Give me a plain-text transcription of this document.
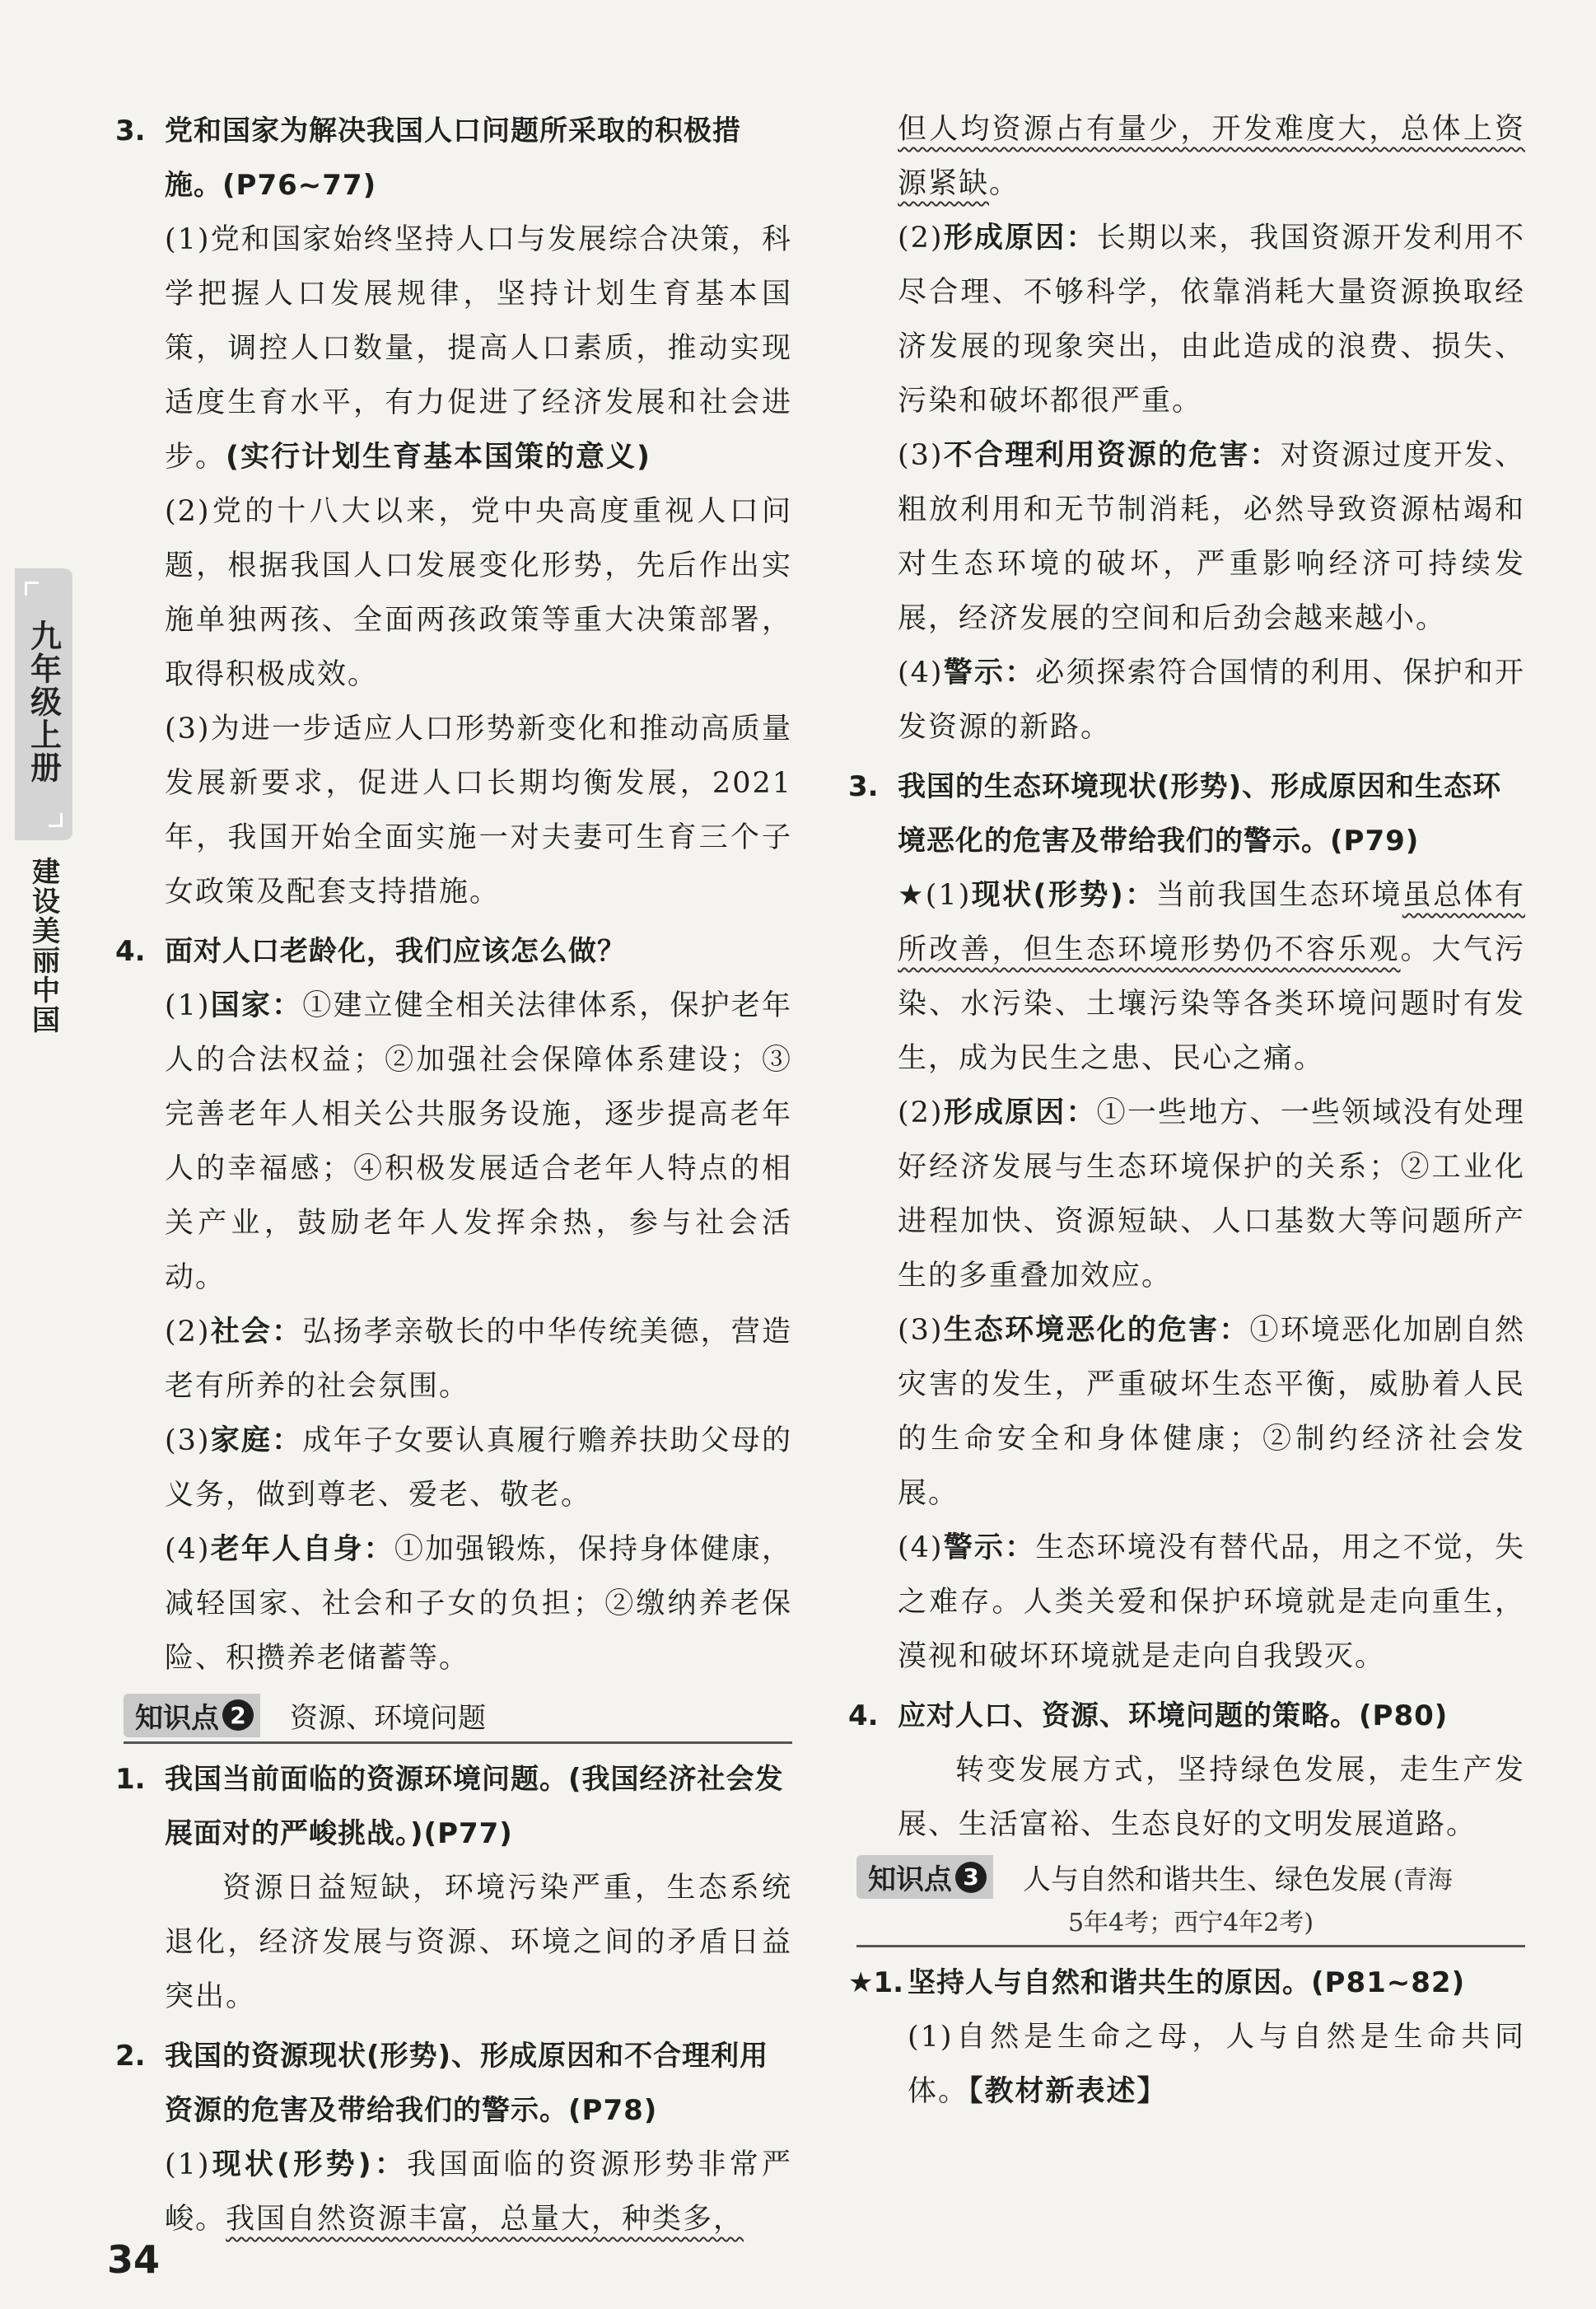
九年级上册
建设美丽中国
3. 党和国家为解决我国人口问题所采取的积极措施。(P76~77)
(1)党和国家始终坚持人口与发展综合决策，科学把握人口发展规律，坚持计划生育基本国策，调控人口数量，提高人口素质，推动实现适度生育水平，有力促进了经济发展和社会进步。(实行计划生育基本国策的意义)
(2)党的十八大以来，党中央高度重视人口问题，根据我国人口发展变化形势，先后作出实施单独两孩、全面两孩政策等重大决策部署，取得积极成效。
(3)为进一步适应人口形势新变化和推动高质量发展新要求，促进人口长期均衡发展，2021年，我国开始全面实施一对夫妻可生育三个子女政策及配套支持措施。
4. 面对人口老龄化，我们应该怎么做？
(1)国家：①建立健全相关法律体系，保护老年人的合法权益；②加强社会保障体系建设；③完善老年人相关公共服务设施，逐步提高老年人的幸福感；④积极发展适合老年人特点的相关产业，鼓励老年人发挥余热，参与社会活动。
(2)社会：弘扬孝亲敬长的中华传统美德，营造老有所养的社会氛围。
(3)家庭：成年子女要认真履行赡养扶助父母的义务，做到尊老、爱老、敬老。
(4)老年人自身：①加强锻炼，保持身体健康，减轻国家、社会和子女的负担；②缴纳养老保险、积攒养老储蓄等。
知识点 2 资源、环境问题
1. 我国当前面临的资源环境问题。(我国经济社会发展面对的严峻挑战。)(P77)
资源日益短缺，环境污染严重，生态系统退化，经济发展与资源、环境之间的矛盾日益突出。
2. 我国的资源现状(形势)、形成原因和不合理利用资源的危害及带给我们的警示。(P78)
(1)现状(形势)：我国面临的资源形势非常严峻。我国自然资源丰富，总量大，种类多，
但人均资源占有量少，开发难度大，总体上资源紧缺。
(2)形成原因：长期以来，我国资源开发利用不尽合理、不够科学，依靠消耗大量资源换取经济发展的现象突出，由此造成的浪费、损失、污染和破坏都很严重。
(3)不合理利用资源的危害：对资源过度开发、粗放利用和无节制消耗，必然导致资源枯竭和对生态环境的破坏，严重影响经济可持续发展，经济发展的空间和后劲会越来越小。
(4)警示：必须探索符合国情的利用、保护和开发资源的新路。
3. 我国的生态环境现状(形势)、形成原因和生态环境恶化的危害及带给我们的警示。(P79)
★(1)现状(形势)：当前我国生态环境虽总体有所改善，但生态环境形势仍不容乐观。大气污染、水污染、土壤污染等各类环境问题时有发生，成为民生之患、民心之痛。
(2)形成原因：①一些地方、一些领域没有处理好经济发展与生态环境保护的关系；②工业化进程加快、资源短缺、人口基数大等问题所产生的多重叠加效应。
(3)生态环境恶化的危害：①环境恶化加剧自然灾害的发生，严重破坏生态平衡，威胁着人民的生命安全和身体健康；②制约经济社会发展。
(4)警示：生态环境没有替代品，用之不觉，失之难存。人类关爱和保护环境就是走向重生，漠视和破坏环境就是走向自我毁灭。
4. 应对人口、资源、环境问题的策略。(P80)
转变发展方式，坚持绿色发展，走生产发展、生活富裕、生态良好的文明发展道路。
知识点 3 人与自然和谐共生、绿色发展 (青海
5年4考；西宁4年2考)
★1. 坚持人与自然和谐共生的原因。(P81~82)
(1)自然是生命之母，人与自然是生命共同体。【教材新表述】
34
